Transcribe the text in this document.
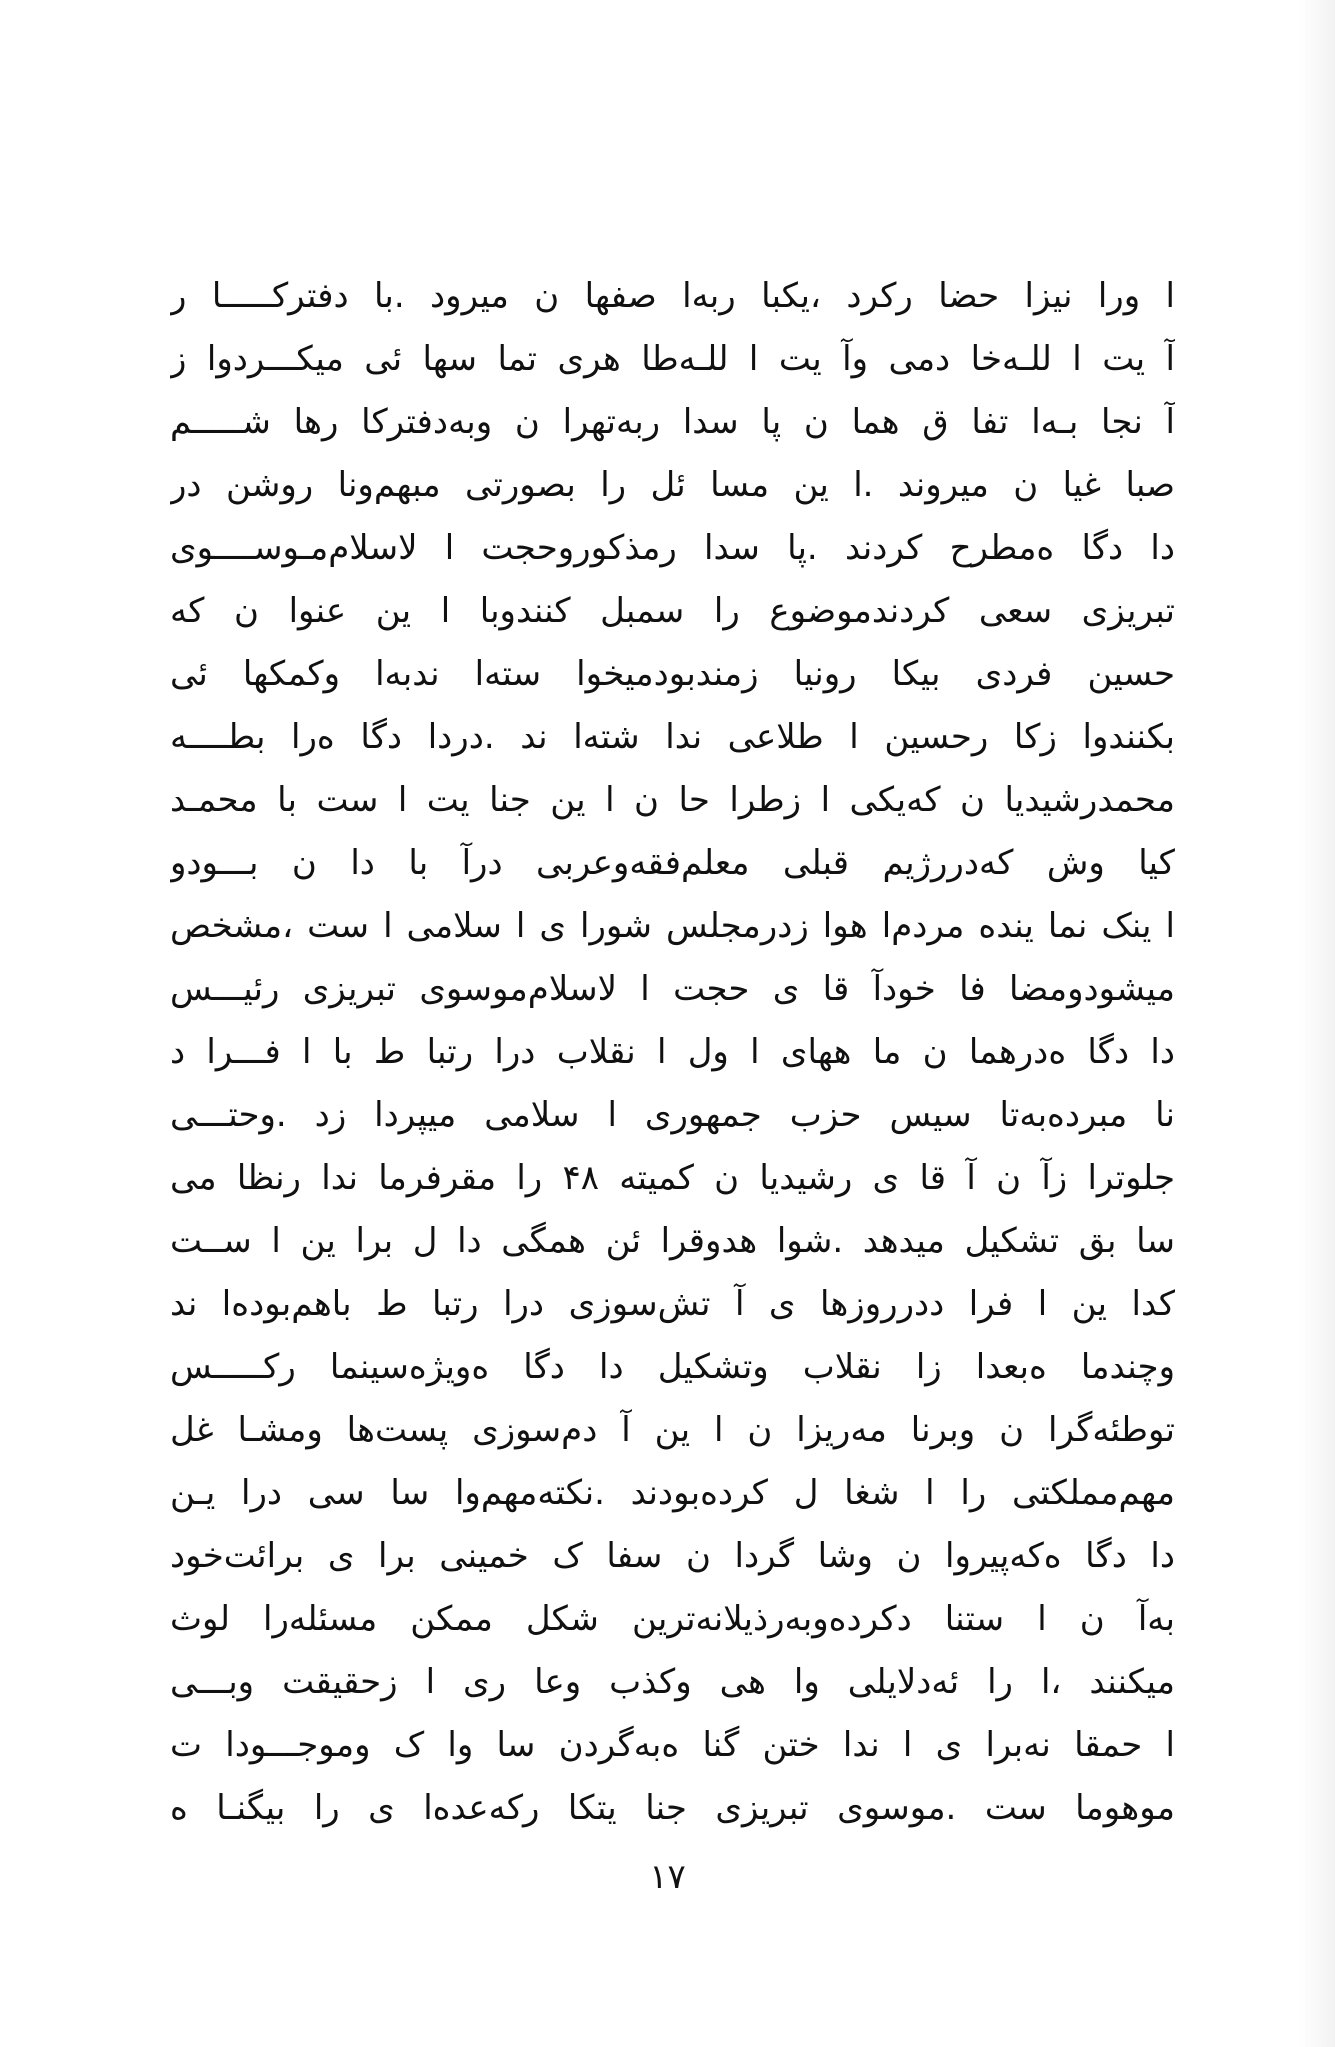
ا ورا نیزا حضا رکرد ،یکبا ربه‌ا صفها ن میرود .با دفترکـــــا ر
آ یت ا للـه‌خا دمی وآ یت ا للـه‌طا هری تما سها ئی میکـــردوا ز
آ نجا بـه‌ا تفا ق هما ن پا سدا ربه‌تهرا ن وبه‌دفترکا رها شـــــم
صبا غیا ن میروند .ا ین مسا ئل را بصورتی مبهم‌ونا روشن در
دا دگا ه‌مطرح کردند .پا سدا رمذکوروحجت ا لاسلام‌مـوســــوی
تبریزی سعی کردندموضوع را سمبل کنندوبا ا ین عنوا ن که
حسین فردی بیکا رونیا زمندبودمیخوا سته‌ا ندبه‌ا وکمکها ئی
بکنندوا زکا رحسین ا طلاعی ندا شته‌ا ند .دردا دگا ه‌را بطــــه
محمدرشیدیا ن که‌یکی ا زطرا حا ن ا ین جنا یت ا ست با محمـد
کیا وش که‌دررژیم قبلی معلم‌فقه‌وعربی درآ با دا ن بـــودو
ا ینک نما ینده مردم‌ا هوا زدرمجلس شورا ی ا سلامی ا ست ،مشخص
میشودومضا فا خودآ قا ی حجت ا لاسلام‌موسوی تبریزی رئیـــس
دا دگا ه‌درهما ن ما ههای ا ول ا نقلاب درا رتبا ط با ا فـــرا د
نا مبرده‌به‌تا سیس حزب جمهوری ا سلامی میپردا زد .وحتـــی
جلوترا زآ ن آ قا ی رشیدیا ن کمیته ۴۸ را مقرفرما ندا رنظا می
سا بق تشکیل میدهد .شوا هدوقرا ئن همگی دا ل برا ین ا ســت
کدا ین ا فرا ددرروزها ی آ تش‌سوزی درا رتبا ط باهم‌بوده‌ا ند
وچندما ه‌بعدا زا نقلاب وتشکیل دا دگا ه‌ویژه‌سینما رکـــــس
توطئه‌گرا ن وبرنا مه‌ریزا ن ا ین آ دم‌سوزی پست‌ها ومشـا غل
مهم‌مملکتی را ا شغا ل کرده‌بودند .نکته‌مهم‌وا سا سی درا یـن
دا دگا ه‌که‌پیروا ن وشا گردا ن سفا ک خمینی برا ی برائت‌خود
به‌آ ن ا ستنا دکرده‌وبه‌رذیلانه‌ترین شکل ممکن مسئله‌را لوث
میکنند ،ا را ئه‌دلایلی وا هی وکذب وعا ری ا زحقیقت وبـــی
ا حمقا نه‌برا ی ا ندا ختن گنا ه‌به‌گردن سا وا ک وموجـــودا ت
موهوما ست .موسوی تبریزی جنا یتکا رکه‌عده‌ا ی را بیگنـا ه
۱۷
